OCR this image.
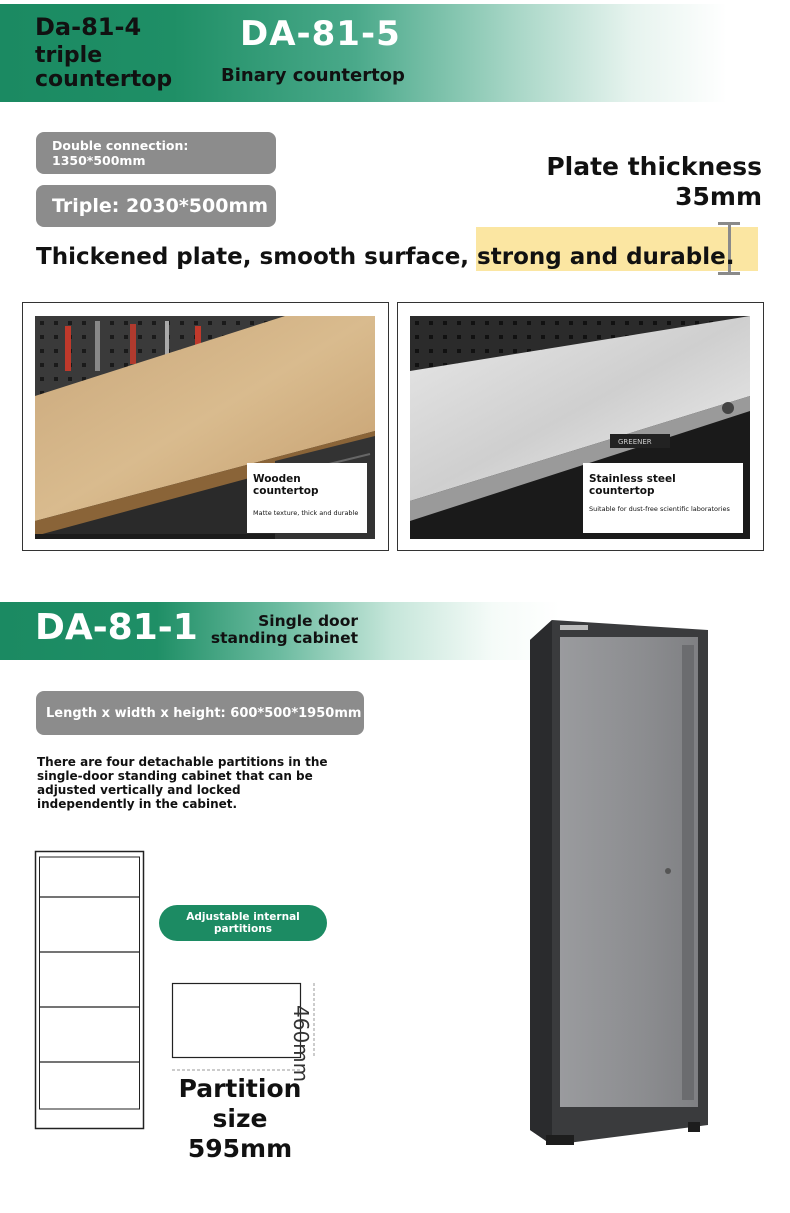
Da-81-4
triple countertop
DA-81-5
Binary countertop
Double connection: 1350*500mm
Triple: 2030*500mm
Plate thickness
35mm
Thickened plate, smooth surface, strong and durable.
Wooden countertop
Matte texture, thick and durable
GREENER
Stainless steel countertop
Suitable for dust-free scientific laboratories
DA-81-1	Single door standing cabinet
Length x width x height: 600*500*1950mm
There are four detachable partitions in the single-door standing cabinet that can be adjusted vertically and locked independently in the cabinet.
Adjustable internal partitions
460mm
Partition size 595mm
